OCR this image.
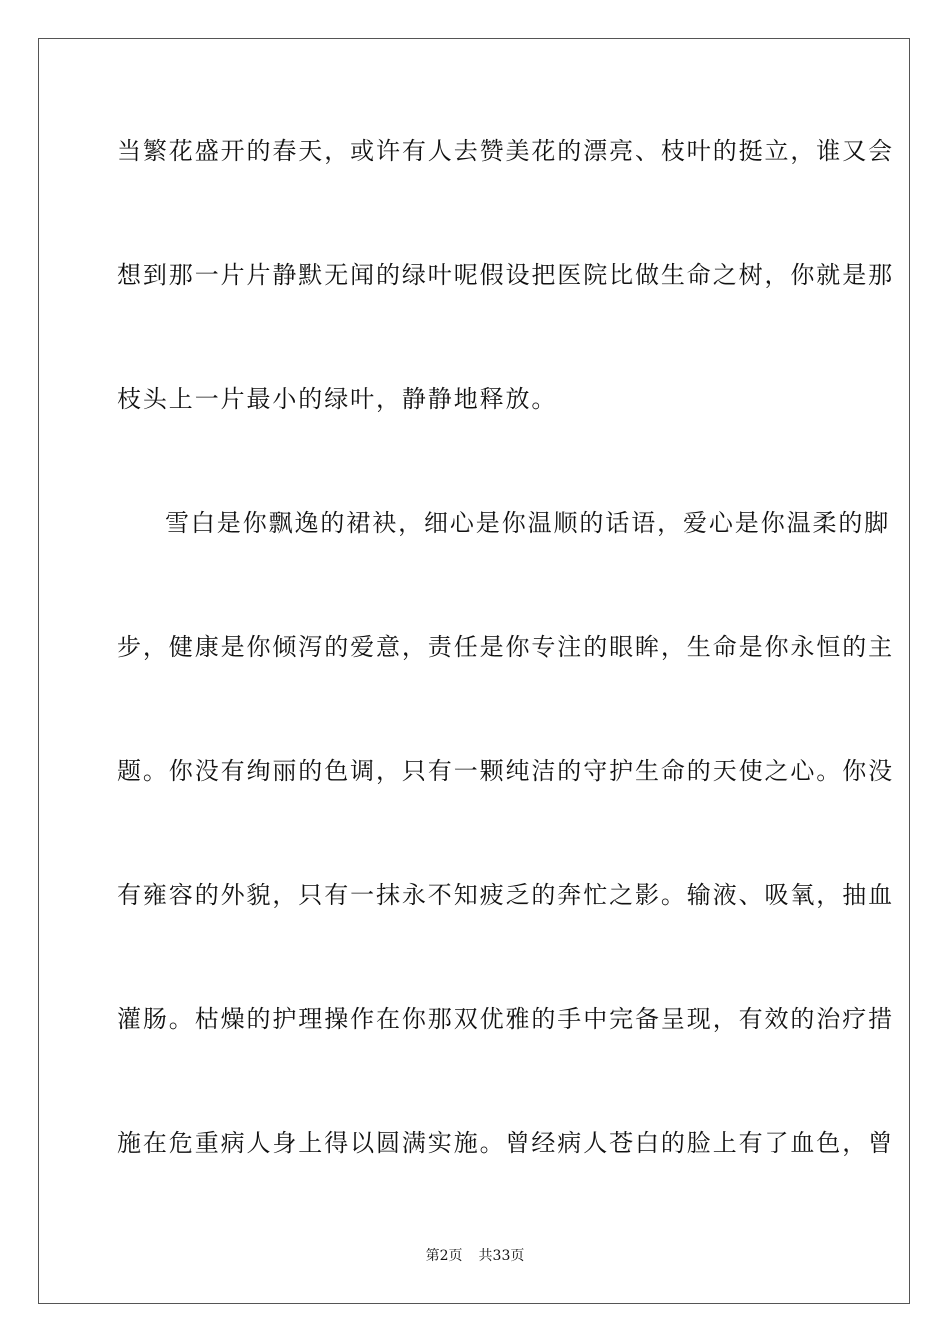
当繁花盛开的春天，或许有人去赞美花的漂亮、枝叶的挺立，谁又会
想到那一片片静默无闻的绿叶呢假设把医院比做生命之树，你就是那
枝头上一片最小的绿叶，静静地释放。
雪白是你飘逸的裙袂，细心是你温顺的话语，爱心是你温柔的脚
步，健康是你倾泻的爱意，责任是你专注的眼眸，生命是你永恒的主
题。你没有绚丽的色调，只有一颗纯洁的守护生命的天使之心。你没
有雍容的外貌，只有一抹永不知疲乏的奔忙之影。输液、吸氧，抽血
灌肠。枯燥的护理操作在你那双优雅的手中完备呈现，有效的治疗措
施在危重病人身上得以圆满实施。曾经病人苍白的脸上有了血色，曾
第2页 共33页
